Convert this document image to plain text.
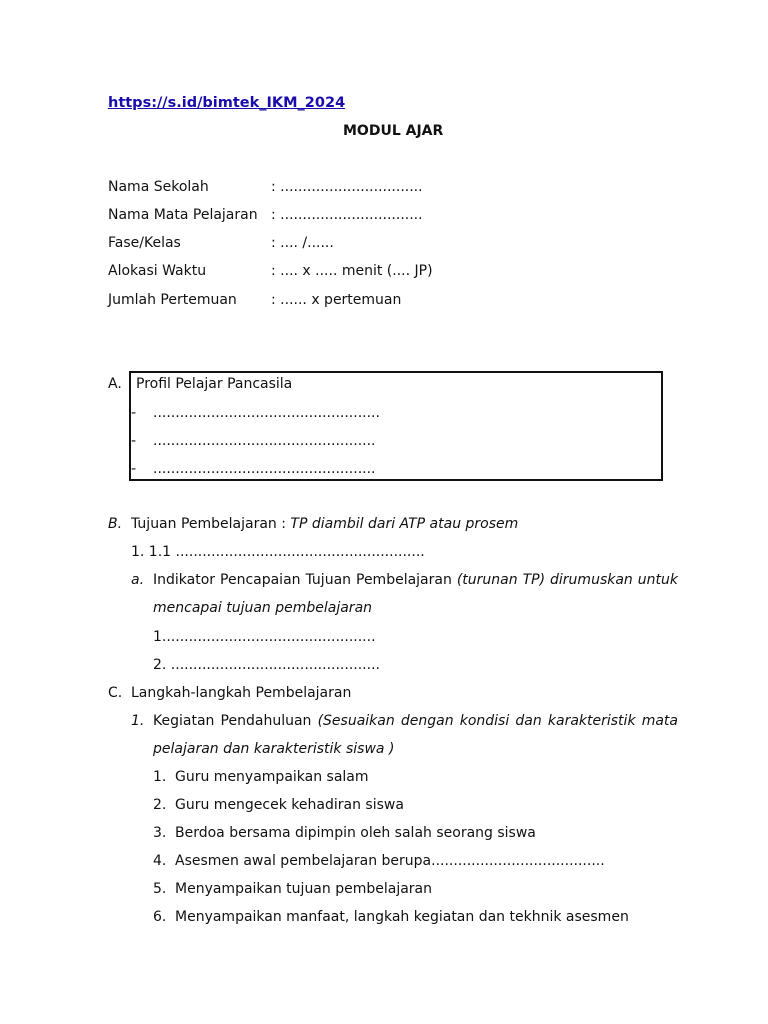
https://s.id/bimtek_IKM_2024
MODUL AJAR
Nama Sekolah	: ................................
Nama Mata Pelajaran : ................................
Fase/Kelas	: .... /......
Alokasi Waktu	: .... x ..... menit (.... JP)
Jumlah Pertemuan : ...... x pertemuan
A. Profil Pelajar Pancasila
- ...................................................
- ..................................................
- ..................................................
B. Tujuan Pembelajaran : TP diambil dari ATP atau prosem
1. 1.1 ........................................................
a. Indikator Pencapaian Tujuan Pembelajaran (turunan TP) dirumuskan untuk
mencapai tujuan pembelajaran
1................................................
2. ...............................................
C. Langkah-langkah Pembelajaran
1. Kegiatan Pendahuluan (Sesuaikan dengan kondisi dan karakteristik mata
pelajaran dan karakteristik siswa )
1. Guru menyampaikan salam
2. Guru mengecek kehadiran siswa
3. Berdoa bersama dipimpin oleh salah seorang siswa
4. Asesmen awal pembelajaran berupa.......................................
5. Menyampaikan tujuan pembelajaran
6. Menyampaikan manfaat, langkah kegiatan dan tekhnik asesmen
